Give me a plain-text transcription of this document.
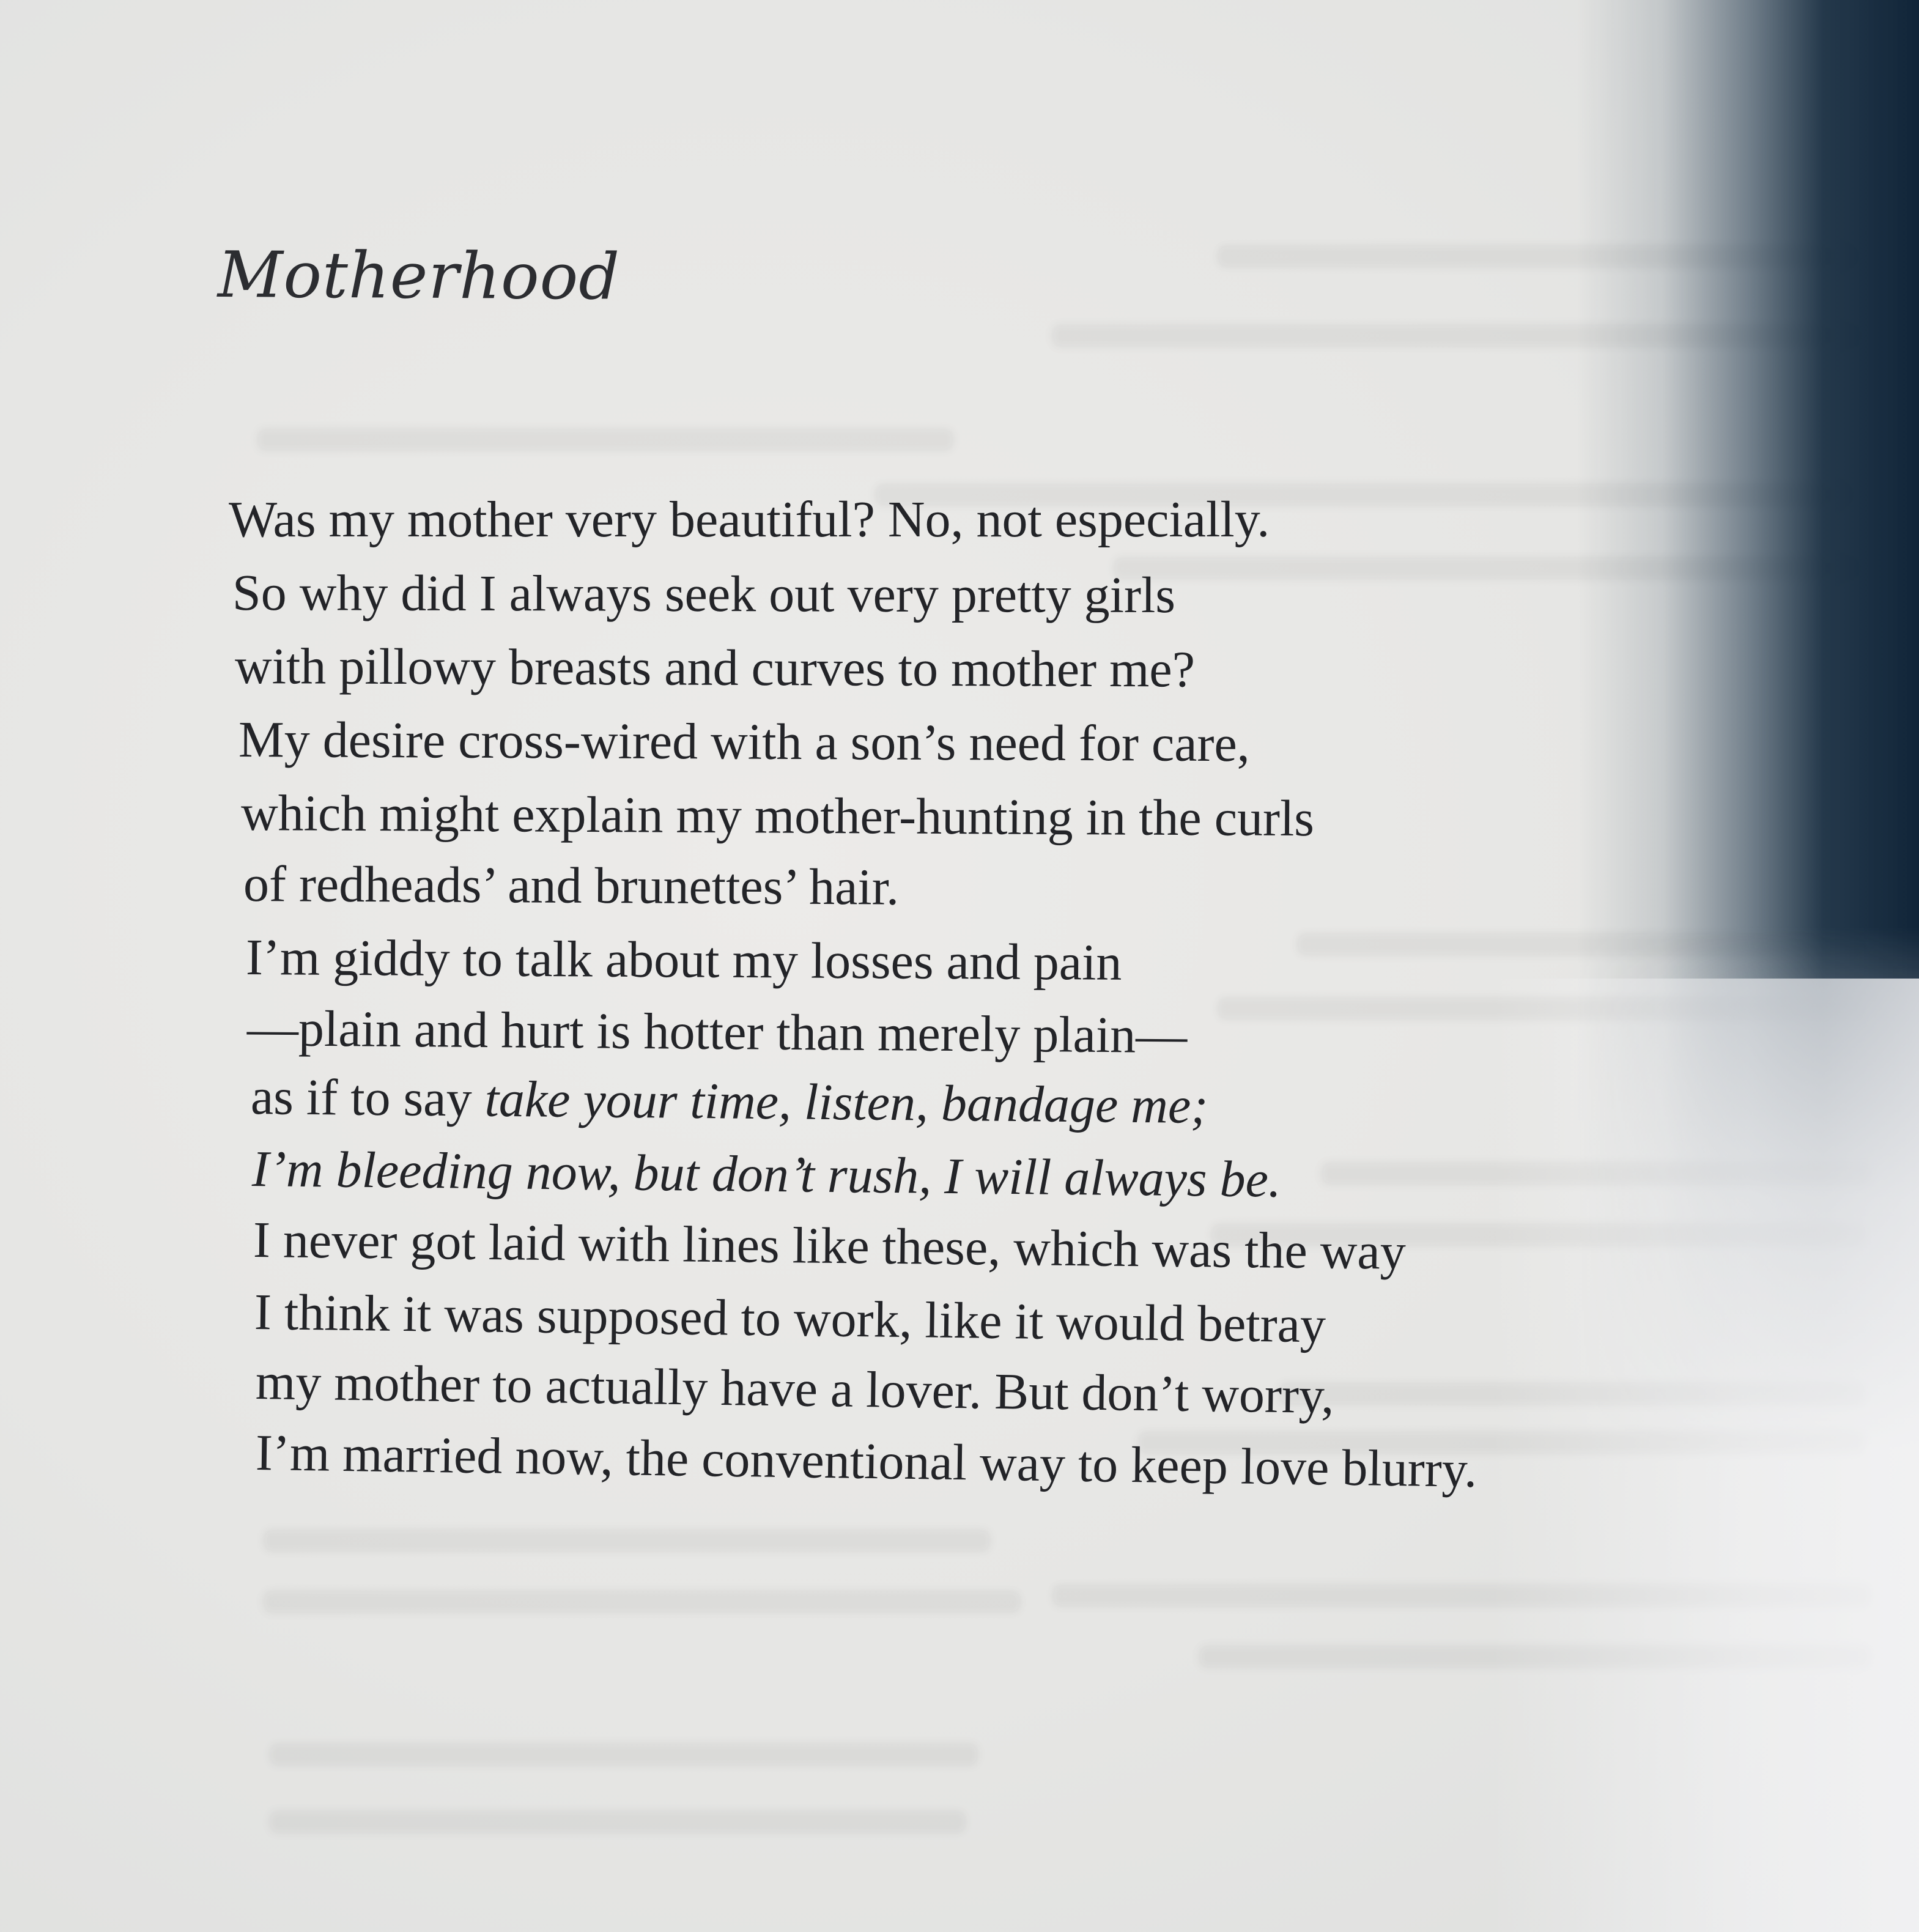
Motherhood

Was my mother very beautiful? No, not especially.

So why did I always seek out very pretty girls

with pillowy breasts and curves to mother me?

My desire cross-wired with a son’s need for care,

which might explain my mother-hunting in the curls

of redheads’ and brunettes’ hair.

I’m giddy to talk about my losses and pain

—plain and hurt is hotter than merely plain—

as if to say take your time, listen, bandage me;

I’m bleeding now, but don’t rush, I will always be.

I never got laid with lines like these, which was the way

I think it was supposed to work, like it would betray

my mother to actually have a lover. But don’t worry,

I’m married now, the conventional way to keep love blurry.
